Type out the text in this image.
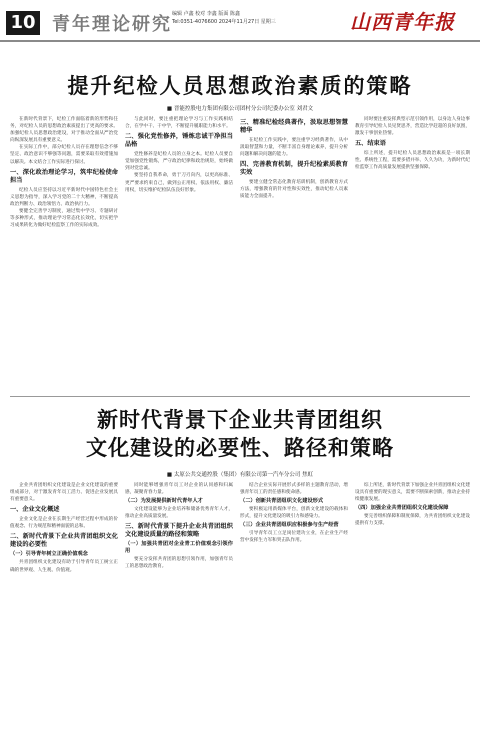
10 青年理论研究 编辑 卢鑫 校对 李鑫 版面 陈鑫
Tel:0351-4076600 2024年11月27日 星期三	山西青年报
提升纪检人员思想政治素质的策略
■ 晋能控股电力集团有限公司团村分公司纪委办公室 刘君文

在新时代背景下，纪检工作面临着新的形势和任务，对纪检人员的思想政治素质提出了更高的要求。加强纪检人员思想政治建设，对于推动全面从严治党向纵深发展具有重要意义。

在实际工作中，部分纪检人员存在理想信念不够坚定、政治意识不够强等问题，需要采取有效措施加以解决。本文结合工作实际进行探讨。

一、深化政治理论学习，筑牢纪检使命担当

纪检人员应坚持以习近平新时代中国特色社会主义思想为指导，深入学习党的二十大精神，不断提高政治判断力、政治领悟力、政治执行力。

要健全完善学习制度，通过集中学习、专题研讨等多种形式，推动理论学习常态化长效化，切实把学习成果转化为做好纪检监察工作的实际成效。

与此同时，要注重把理论学习与工作实践相结合，在学中干、干中学，不断提升履职能力和水平。

二、强化党性修养，锤炼忠诚干净担当品格

党性修养是纪检人员的立身之本。纪检人员要自觉加强党性锻炼，严守政治纪律和政治规矩，始终做到对党忠诚。

要坚持自我革命，勇于刀刃向内，以更高标准、更严要求约束自己，做到公正用权、依法用权、廉洁用权，切实维护纪检队伍良好形象。

三、精准纪检经典著作，汲取思想智慧精华

在纪检工作实践中，要注重学习经典著作，从中汲取智慧和力量，不断丰富自身理论素养，提升分析问题和解决问题的能力。

四、完善教育机制，提升纪检素质教育实效

要建立健全常态化教育培训机制，创新教育方式方法，增强教育的针对性和实效性，推动纪检人员素质能力全面提升。

同时要注重发挥典型示范引领作用，以身边人身边事教育引导纪检人员见贤思齐，营造比学赶超的良好氛围，激发干事创业热情。

五、结束语

综上所述，提升纪检人员思想政治素质是一项长期性、系统性工程，需要多措并举、久久为功，为新时代纪检监察工作高质量发展提供坚强保障。

新时代背景下企业共青团组织
文化建设的必要性、路径和策略
■ 太原公共交通控股（集团）有限公司第一汽车分公司 焦虹

企业共青团组织文化建设是企业文化建设的重要组成部分，对于激发青年员工活力、促进企业发展具有重要意义。

一、企业文化概述

企业文化是企业在长期生产经营过程中形成的价值观念、行为规范和精神面貌的总和。

二、新时代背景下企业共青团组织文化建设的必要性
（一）引导青年树立正确价值观念

共青团组织文化建设有助于引导青年员工树立正确的世界观、人生观、价值观。

同时能够增强青年员工对企业的认同感和归属感，凝聚青春力量。

（二）为发展提供新时代青年人才

文化建设能够为企业培养和储备优秀青年人才，推动企业高质量发展。

三、新时代背景下提升企业共青团组织文化建设质量的路径和策略
（一）加强共青团对企业青工价值观念引领作用

要充分发挥共青团的思想引领作用，加强青年员工的思想政治教育。

结合企业实际开展形式多样的主题教育活动，增强青年员工的责任感和使命感。

（二）创新共青团组织文化建设形式

要积极运用新媒体平台，创新文化建设的载体和形式，提升文化建设的吸引力和感染力。

（三）企业共青团组织应积极参与生产经营

引导青年员工立足岗位建功立业，在企业生产经营中发挥生力军和突击队作用。

综上所述，新时代背景下加强企业共青团组织文化建设具有重要的现实意义，需要不断探索创新，推动企业持续健康发展。

（四）加强企业共青团组织文化建设保障

要完善组织保障和制度保障，为共青团组织文化建设提供有力支撑。
